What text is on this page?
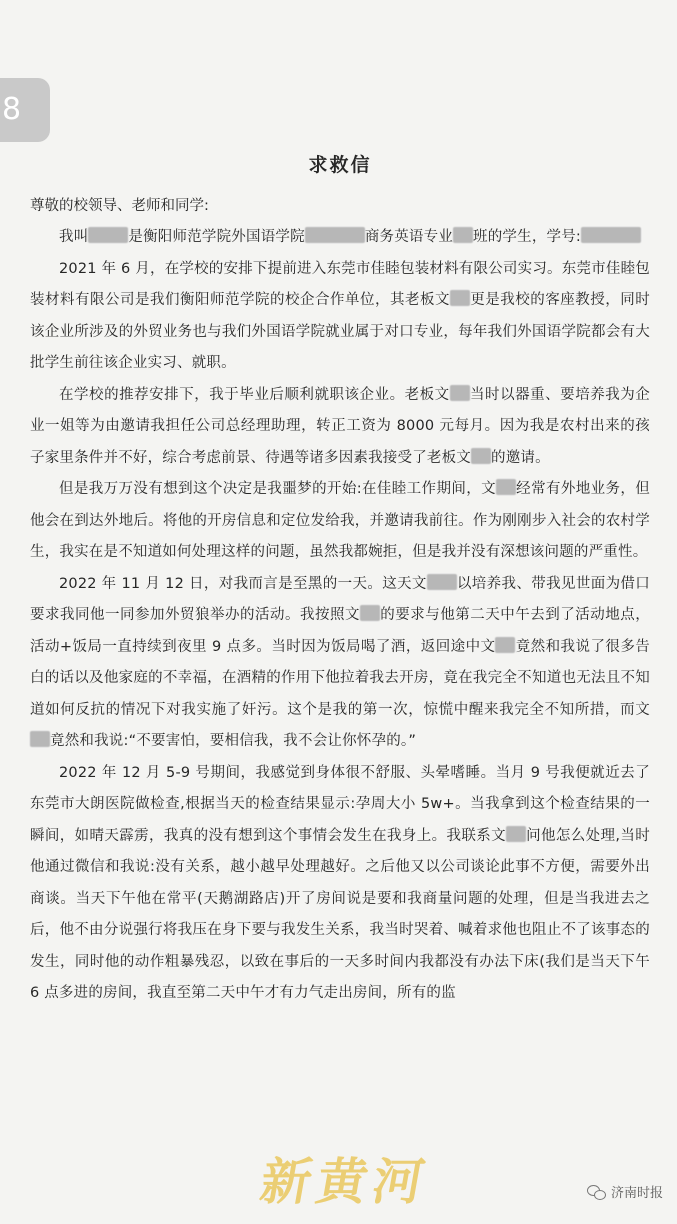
8
求救信

尊敬的校领导、老师和同学:

我叫	是衡阳师范学院外国语学院	商务英语专业 班的学生，学号:

2021 年 6 月，在学校的安排下提前进入东莞市佳睦包装材料有限公司实习。东莞市佳睦包装材料有限公司是我们衡阳师范学院的校企合作单位，其老板文 更是我校的客座教授，同时该企业所涉及的外贸业务也与我们外国语学院就业属于对口专业，每年我们外国语学院都会有大批学生前往该企业实习、就职。

在学校的推荐安排下，我于毕业后顺利就职该企业。老板文 当时以器重、要培养我为企业一姐等为由邀请我担任公司总经理助理，转正工资为 8000 元每月。因为我是农村出来的孩子家里条件并不好，综合考虑前景、待遇等诸多因素我接受了老板文 的邀请。

但是我万万没有想到这个决定是我噩梦的开始:在佳睦工作期间，文 经常有外地业务，但他会在到达外地后。将他的开房信息和定位发给我，并邀请我前往。作为刚刚步入社会的农村学生，我实在是不知道如何处理这样的问题，虽然我都婉拒，但是我并没有深想该问题的严重性。

2022 年 11 月 12 日，对我而言是至黑的一天。这天文 以培养我、带我见世面为借口要求我同他一同参加外贸狼举办的活动。我按照文 的要求与他第二天中午去到了活动地点，活动+饭局一直持续到夜里 9 点多。当时因为饭局喝了酒，返回途中文 竟然和我说了很多告白的话以及他家庭的不幸福，在酒精的作用下他拉着我去开房，竟在我完全不知道也无法且不知道如何反抗的情况下对我实施了奸污。这个是我的第一次，惊慌中醒来我完全不知所措，而文竟然和我说:“不要害怕，要相信我，我不会让你怀孕的。”

2022 年 12 月 5-9 号期间，我感觉到身体很不舒服、头晕嗜睡。当月 9 号我便就近去了东莞市大朗医院做检查,根据当天的检查结果显示:孕周大小 5w+。当我拿到这个检查结果的一瞬间，如晴天霹雳，我真的没有想到这个事情会发生在我身上。我联系文 问他怎么处理,当时他通过微信和我说:没有关系，越小越早处理越好。之后他又以公司谈论此事不方便，需要外出商谈。当天下午他在常平(天鹅湖路店)开了房间说是要和我商量问题的处理，但是当我进去之后，他不由分说强行将我压在身下要与我发生关系，我当时哭着、喊着求他也阻止不了该事态的发生，同时他的动作粗暴残忍，以致在事后的一天多时间内我都没有办法下床(我们是当天下午 6 点多进的房间，我直至第二天中午才有力气走出房间，所有的监

新黄河	济南时报
